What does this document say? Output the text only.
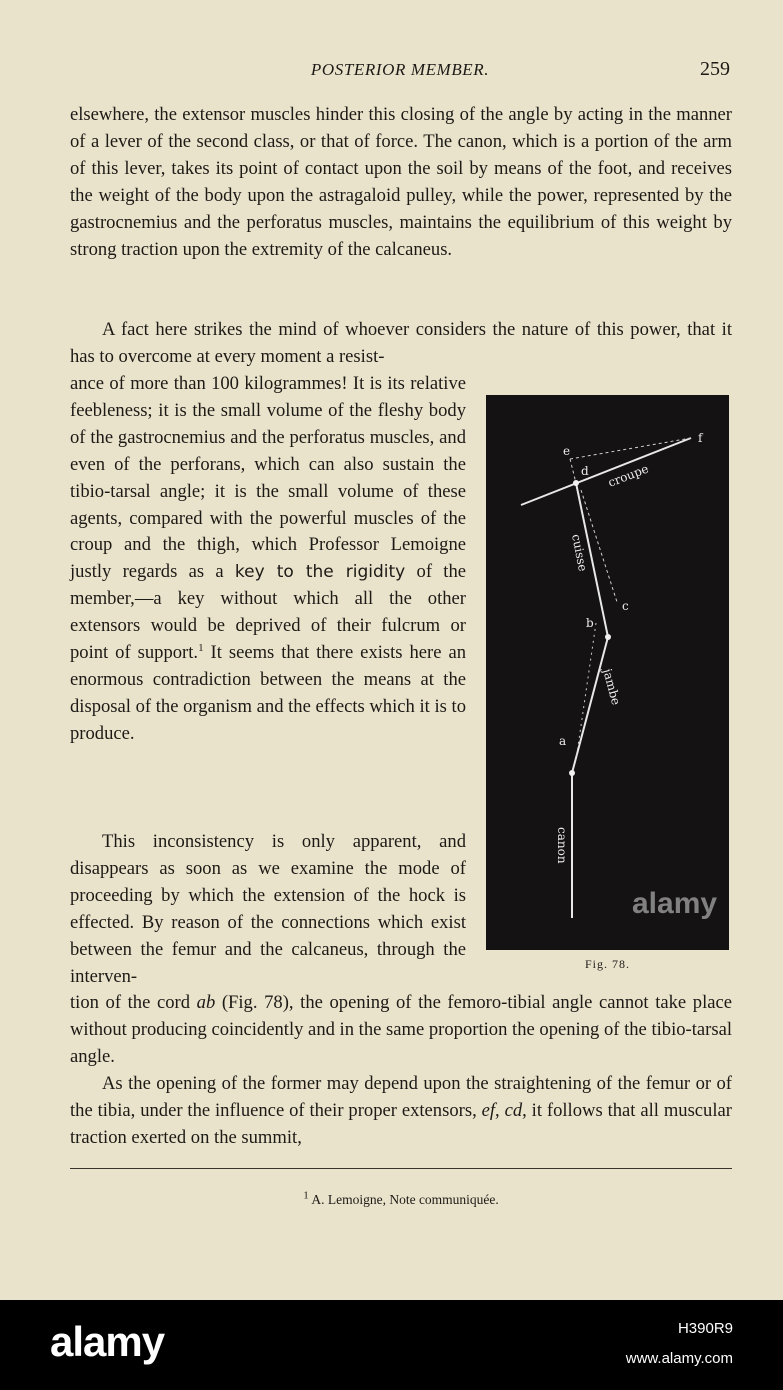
POSTERIOR MEMBER.	259

elsewhere, the extensor muscles hinder this closing of the angle by acting in the manner of a lever of the second class, or that of force. The canon, which is a portion of the arm of this lever, takes its point of contact upon the soil by means of the foot, and receives the weight of the body upon the astragaloid pulley, while the power, represented by the gastrocnemius and the perforatus muscles, maintains the equilibrium of this weight by strong traction upon the extremity of the calcaneus.

A fact here strikes the mind of whoever considers the nature of this power, that it has to overcome at every moment a resist-

ance of more than 100 kilogrammes! It is its relative feebleness; it is the small volume of the fleshy body of the gastrocnemius and the perforatus muscles, and even of the perforans, which can also sustain the tibio-tarsal angle; it is the small volume of these agents, compared with the powerful muscles of the croup and the thigh, which Professor Lemoigne justly regards as a key to the rigidity of the member,—a key without which all the other extensors would be deprived of their fulcrum or point of support.$^1$ It seems that there exists here an enormous contradiction between the means at the disposal of the organism and the effects which it is to produce.

This inconsistency is only apparent, and disappears as soon as we examine the mode of proceeding by which the extension of the hock is effected. By reason of the connections which exist between the femur and the calcaneus, through the interven-

tion of the cord ab (Fig. 78), the opening of the femoro-tibial angle cannot take place without producing coincidently and in the same proportion the opening of the tibio-tarsal angle.

As the opening of the former may depend upon the straightening of the femur or of the tibia, under the influence of their proper extensors, ef, cd, it follows that all muscular traction exerted on the summit,

e
d
f
croupe
cuisse
c
b
jambe
a
canon
alamy
Fig. 78.
$^1$ A. Lemoigne, Note communiquée.
alamy	H390R9
www.alamy.com
